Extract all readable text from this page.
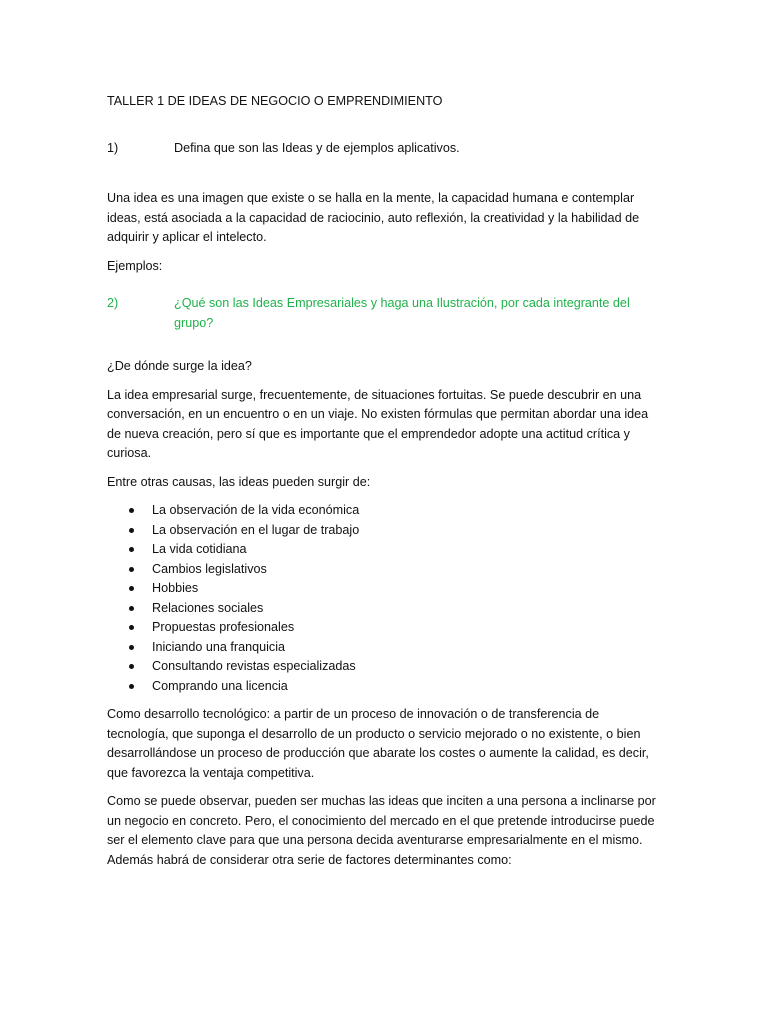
TALLER 1 DE IDEAS DE NEGOCIO O EMPRENDIMIENTO
1)	Defina que son las Ideas y de ejemplos aplicativos.

Una idea es una imagen que existe o se halla en la mente, la capacidad humana e contemplar ideas, está asociada a la capacidad de raciocinio, auto reflexión, la creatividad y la habilidad de adquirir y aplicar el intelecto.

Ejemplos:

2)	¿Qué son las Ideas Empresariales y haga una Ilustración, por cada integrante del grupo?

¿De dónde surge la idea?

La idea empresarial surge, frecuentemente, de situaciones fortuitas. Se puede descubrir en una conversación, en un encuentro o en un viaje. No existen fórmulas que permitan abordar una idea de nueva creación, pero sí que es importante que el emprendedor adopte una actitud crítica y curiosa.

Entre otras causas, las ideas pueden surgir de:

La observación de la vida económica
La observación en el lugar de trabajo
La vida cotidiana
Cambios legislativos
Hobbies
Relaciones sociales
Propuestas profesionales
Iniciando una franquicia
Consultando revistas especializadas
Comprando una licencia

Como desarrollo tecnológico: a partir de un proceso de innovación o de transferencia de tecnología, que suponga el desarrollo de un producto o servicio mejorado o no existente, o bien desarrollándose un proceso de producción que abarate los costes o aumente la calidad, es decir, que favorezca la ventaja competitiva.

Como se puede observar, pueden ser muchas las ideas que inciten a una persona a inclinarse por un negocio en concreto. Pero, el conocimiento del mercado en el que pretende introducirse puede ser el elemento clave para que una persona decida aventurarse empresarialmente en el mismo. Además habrá de considerar otra serie de factores determinantes como:
